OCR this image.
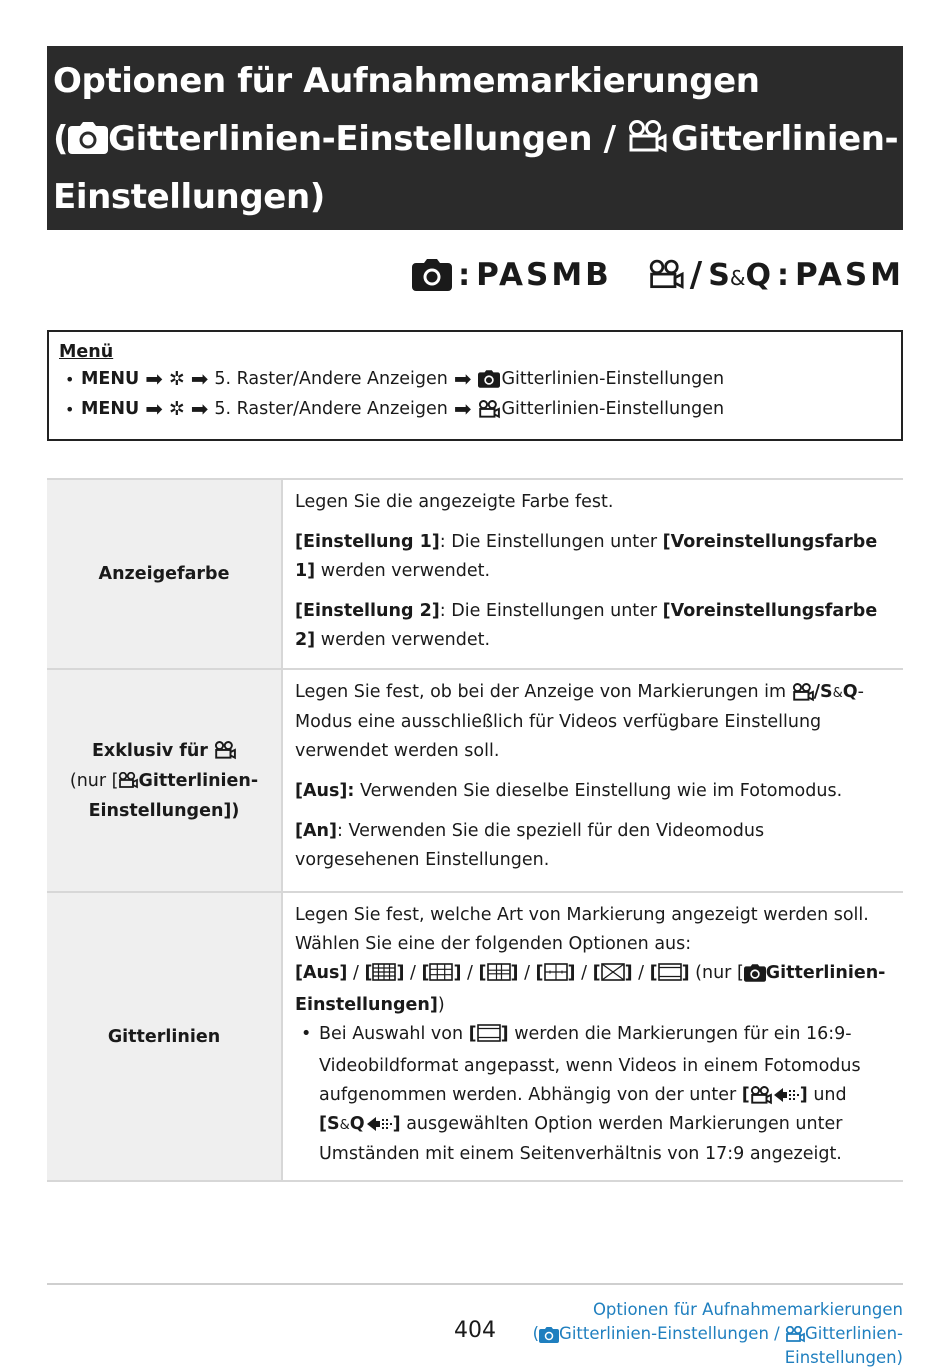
Optionen für Aufnahmemarkierungen
( Gitterlinien-Einstellungen /
Gitterlinien-
Einstellungen)
: PASMB / S&Q : PASM
Menü
• MENU ➡ ✲ ➡ 5. Raster/Andere Anzeigen ➡ Gitterlinien-Einstellungen
• MENU ➡ ✲ ➡ 5. Raster/Andere Anzeigen ➡ Gitterlinien-Einstellungen
Anzeigefarbe

Legen Sie die angezeigte Farbe fest.

[Einstellung 1]: Die Einstellungen unter [Voreinstellungsfarbe 1] werden verwendet.

[Einstellung 2]: Die Einstellungen unter [Voreinstellungsfarbe 2] werden verwendet.

Exklusiv für
(nur [ Gitterlinien-
Einstellungen])

Legen Sie fest, ob bei der Anzeige von Markierungen im
/S&Q- Modus eine ausschließlich für Videos verfügbare Einstellung verwendet werden soll.

[Aus]: Verwenden Sie dieselbe Einstellung wie im Fotomodus.

[An]: Verwenden Sie die speziell für den Videomodus vorgesehenen Einstellungen.

Gitterlinien
Legen Sie fest, welche Art von Markierung angezeigt werden soll. Wählen Sie eine der folgenden Optionen aus:
[Aus] / [ ] / [ ] / [ ] / [ ] / [ ] / [ ] (nur [ Gitterlinien- Einstellungen])
• Bei Auswahl von [ ] werden die Markierungen für ein 16:9-Videobildformat angepasst, wenn Videos in einem Fotomodus aufgenommen werden. Abhängig von der unter [	] und [S&Q ] ausgewählten Option werden Markierungen unter Umständen mit einem Seitenverhältnis von 17:9 angezeigt.
404
Optionen für Aufnahmemarkierungen
( Gitterlinien-Einstellungen /
Gitterlinien-
Einstellungen)
